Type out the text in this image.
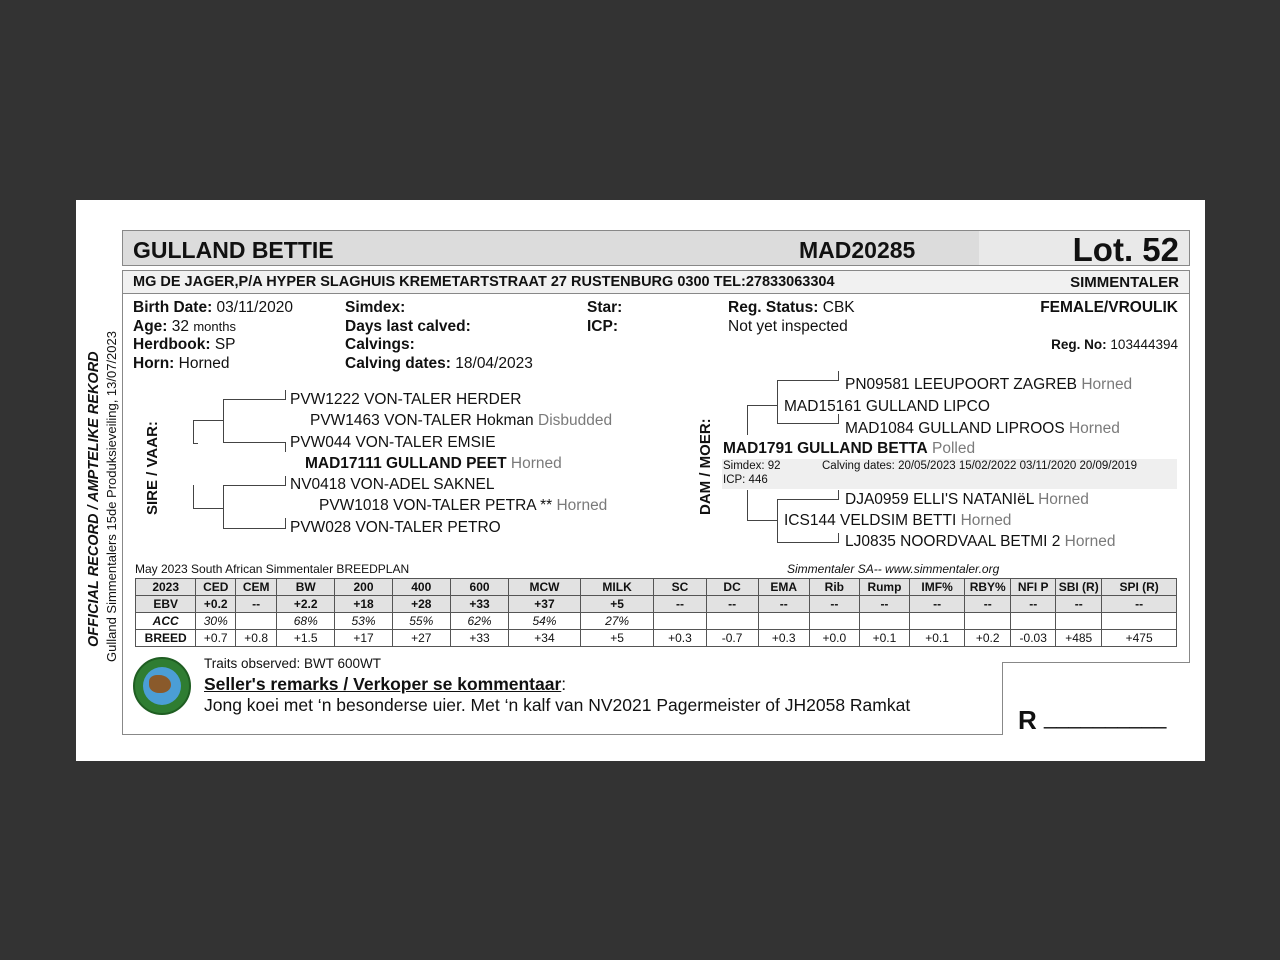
GULLAND BETTIE	MAD20285	Lot. 52
MG DE JAGER,P/A HYPER SLAGHUIS KREMETARTSTRAAT 27 RUSTENBURG 0300 TEL:27833063304	SIMMENTALER
OFFICIAL RECORD / AMPTELIKE REKORD Gulland Simmentalers 15de Produksieveiling, 13/07/2023
Birth Date: 03/11/2020
Age: 32 months
Herdbook: SP
Horn: Horned
Simdex:
Days last calved:
Calvings:
Calving dates: 18/04/2023
Star:
ICP:
Reg. Status: CBK
Not yet inspected
FEMALE/VROULIK
Reg. No: 103444394
SIRE / VAAR:
PVW1222 VON-TALER HERDER
PVW1463 VON-TALER Hokman Disbudded
PVW044 VON-TALER EMSIE
MAD17111 GULLAND PEET Horned
NV0418 VON-ADEL SAKNEL
PVW1018 VON-TALER PETRA ** Horned
PVW028 VON-TALER PETRO
DAM / MOER:
PN09581 LEEUPOORT ZAGREB Horned
MAD15161 GULLAND LIPCO
MAD1084 GULLAND LIPROOS Horned
MAD1791 GULLAND BETTA Polled
Simdex: 92	Calving dates: 20/05/2023 15/02/2022 03/11/2020 20/09/2019
ICP: 446
DJA0959 ELLI'S NATANIëL Horned
ICS144 VELDSIM BETTI Horned
LJ0835 NOORDVAAL BETMI 2 Horned
May 2023 South African Simmentaler BREEDPLAN	Simmentaler SA-- www.simmentaler.org
2023	CED	CEM	BW	200	400	600	MCW	MILK	SC	DC	EMA	Rib	Rump	IMF%	RBY%	NFI P	SBI (R)	SPI (R)
EBV	+0.2	--	+2.2	+18	+28	+33	+37	+5	--	--	--	--	--	--	--	--	--	--
ACC	30%		68%	53%	55%	62%	54%	27%										
BREED	+0.7	+0.8	+1.5	+17	+27	+33	+34	+5	+0.3	-0.7	+0.3	+0.0	+0.1	+0.1	+0.2	-0.03	+485	+475
Traits observed: BWT 600WT
Seller's remarks / Verkoper se kommentaar:
Jong koei met ‘n besonderse uier. Met ‘n kalf van NV2021 Pagermeister of JH2058 Ramkat	R __________
